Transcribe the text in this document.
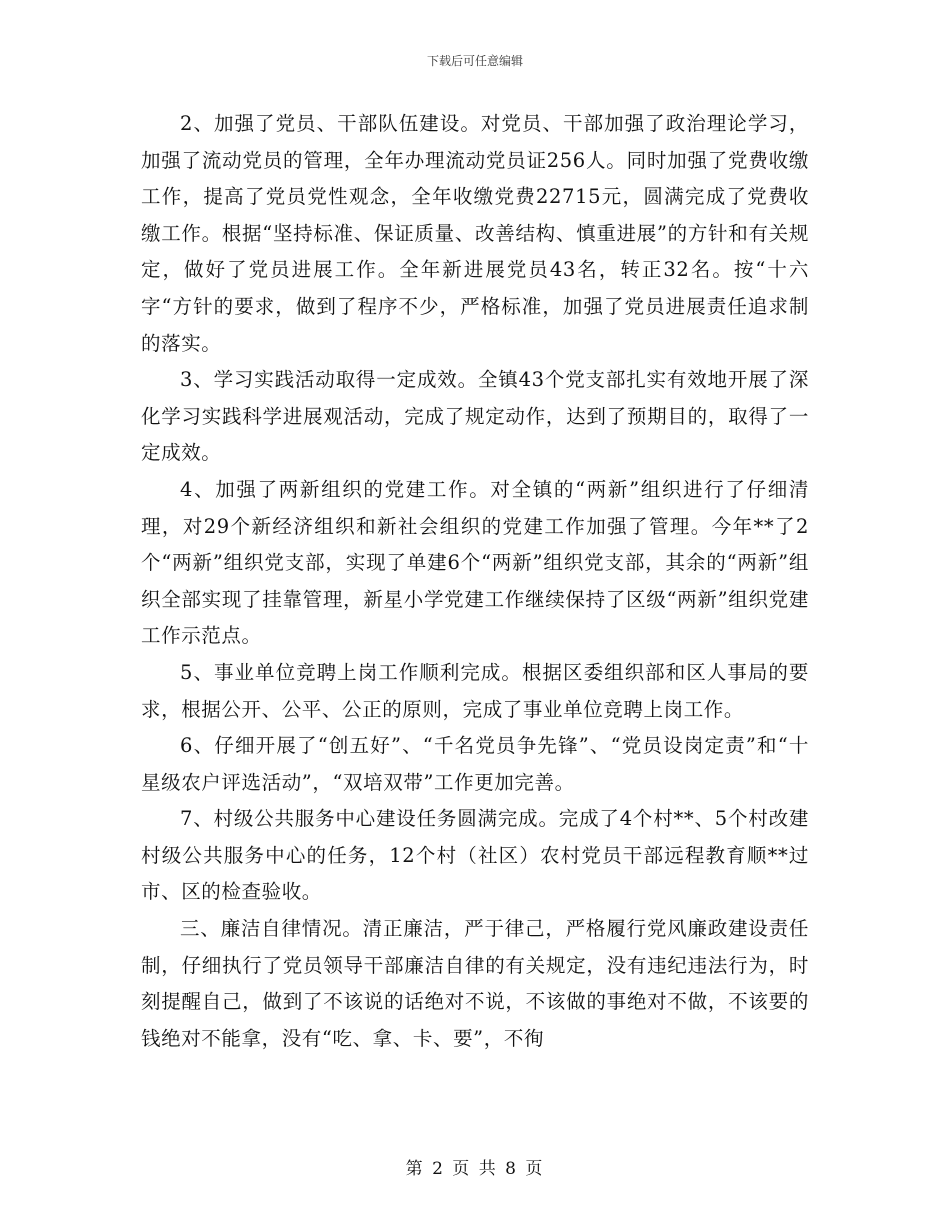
下载后可任意编辑

2、加强了党员、干部队伍建设。对党员、干部加强了政治理论学习，加强了流动党员的管理，全年办理流动党员证256人。同时加强了党费收缴工作，提高了党员党性观念，全年收缴党费22715元，圆满完成了党费收缴工作。根据“坚持标准、保证质量、改善结构、慎重进展”的方针和有关规定，做好了党员进展工作。全年新进展党员43名，转正32名。按“十六字“方针的要求，做到了程序不少，严格标准，加强了党员进展责任追求制的落实。

3、学习实践活动取得一定成效。全镇43个党支部扎实有效地开展了深化学习实践科学进展观活动，完成了规定动作，达到了预期目的，取得了一定成效。

4、加强了两新组织的党建工作。对全镇的“两新”组织进行了仔细清理，对29个新经济组织和新社会组织的党建工作加强了管理。今年**了2个“两新”组织党支部，实现了单建6个“两新”组织党支部，其余的“两新”组织全部实现了挂靠管理，新星小学党建工作继续保持了区级“两新”组织党建工作示范点。

5、事业单位竞聘上岗工作顺利完成。根据区委组织部和区人事局的要求，根据公开、公平、公正的原则，完成了事业单位竞聘上岗工作。

6、仔细开展了“创五好”、“千名党员争先锋”、“党员设岗定责”和“十星级农户评选活动”，“双培双带”工作更加完善。

7、村级公共服务中心建设任务圆满完成。完成了4个村**、5个村改建村级公共服务中心的任务，12个村（社区）农村党员干部远程教育顺**过市、区的检查验收。

三、廉洁自律情况。清正廉洁，严于律己，严格履行党风廉政建设责任制，仔细执行了党员领导干部廉洁自律的有关规定，没有违纪违法行为，时刻提醒自己，做到了不该说的话绝对不说，不该做的事绝对不做，不该要的钱绝对不能拿，没有“吃、拿、卡、要”，不徇

第 2 页 共 8 页
